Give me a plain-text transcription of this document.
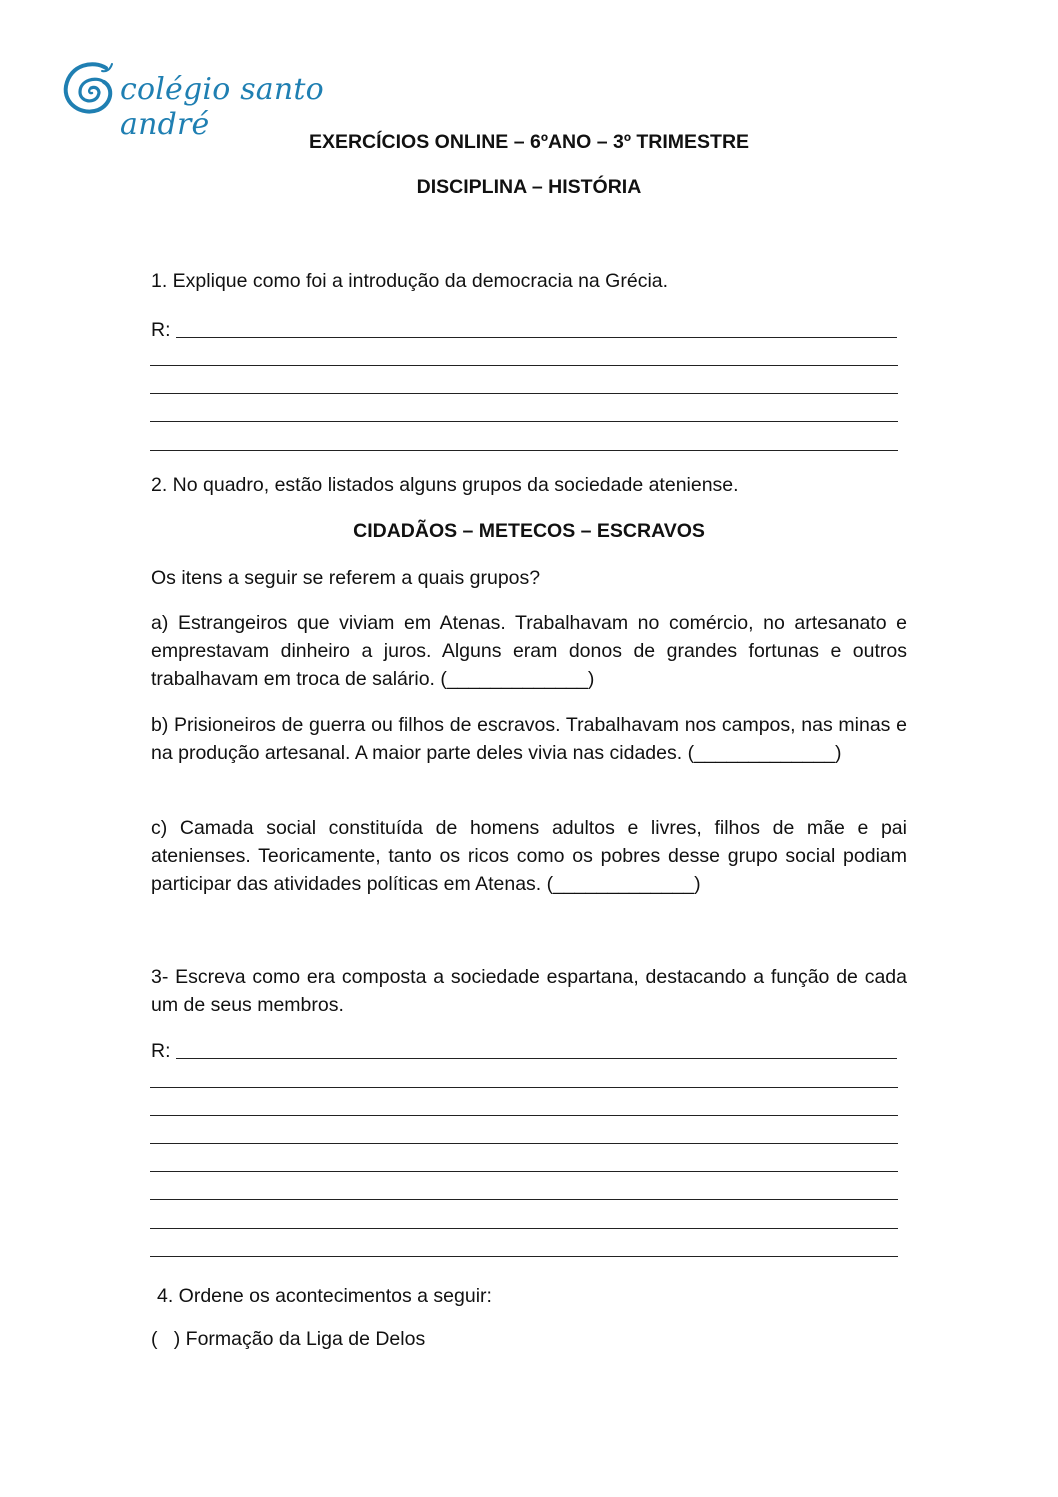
colégio santo andré	EXERCÍCIOS ONLINE – 6ºANO – 3º TRIMESTRE
DISCIPLINA – HISTÓRIA
1. Explique como foi a introdução da democracia na Grécia.
R:
2. No quadro, estão listados alguns grupos da sociedade ateniense.
CIDADÃOS – METECOS – ESCRAVOS
Os itens a seguir se referem a quais grupos?
a) Estrangeiros que viviam em Atenas. Trabalhavam no comércio, no artesanato e emprestavam dinheiro a juros. Alguns eram donos de grandes fortunas e outros trabalhavam em troca de salário. (_____________)
b) Prisioneiros de guerra ou filhos de escravos. Trabalhavam nos campos, nas minas e na produção artesanal. A maior parte deles vivia nas cidades. (_____________)
c) Camada social constituída de homens adultos e livres, filhos de mãe e pai atenienses. Teoricamente, tanto os ricos como os pobres desse grupo social podiam participar das atividades políticas em Atenas. (_____________)
3- Escreva como era composta a sociedade espartana, destacando a função de cada um de seus membros.
R:
4. Ordene os acontecimentos a seguir:
(   ) Formação da Liga de Delos
